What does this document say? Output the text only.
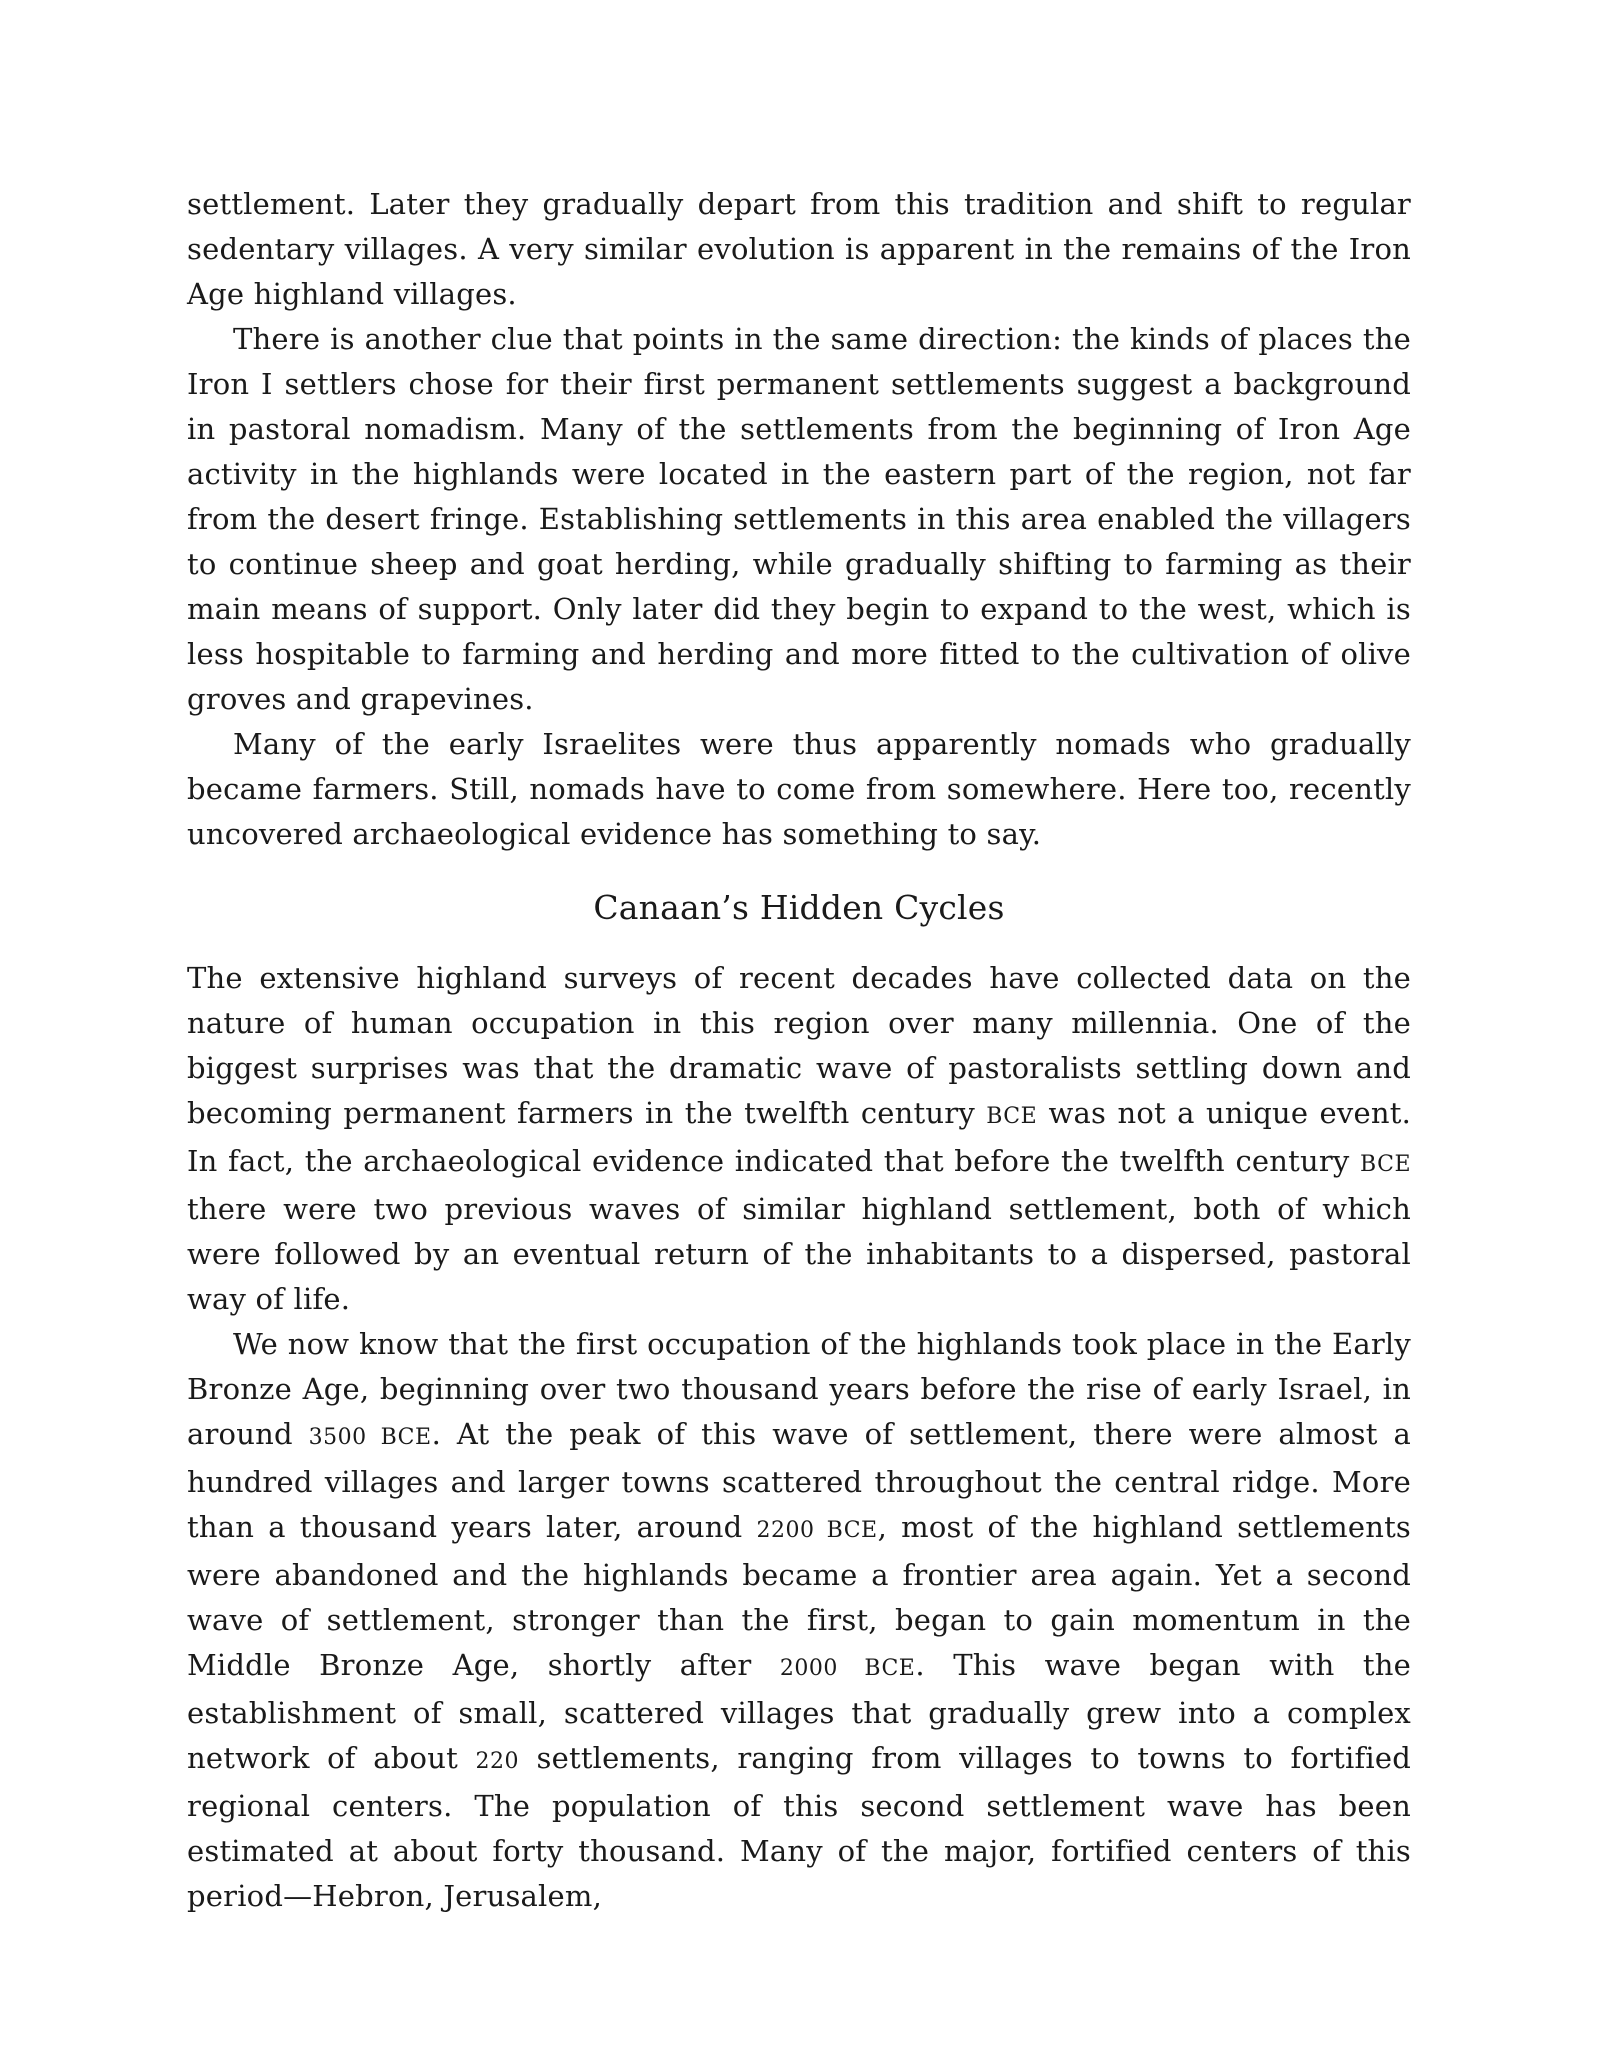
settlement. Later they gradually depart from this tradition and shift to regular sedentary villages. A very similar evolution is apparent in the remains of the Iron Age highland villages.

There is another clue that points in the same direction: the kinds of places the Iron I settlers chose for their first permanent settlements suggest a background in pastoral nomadism. Many of the settlements from the beginning of Iron Age activity in the highlands were located in the eastern part of the region, not far from the desert fringe. Establishing settlements in this area enabled the villagers to continue sheep and goat herding, while gradually shifting to farming as their main means of support. Only later did they begin to expand to the west, which is less hospitable to farming and herding and more fitted to the cultivation of olive groves and grapevines.

Many of the early Israelites were thus apparently nomads who gradually became farmers. Still, nomads have to come from somewhere. Here too, recently uncovered archaeological evidence has something to say.

Canaan’s Hidden Cycles

The extensive highland surveys of recent decades have collected data on the nature of human occupation in this region over many millennia. One of the biggest surprises was that the dramatic wave of pastoralists settling down and becoming permanent farmers in the twelfth century BCE was not a unique event. In fact, the archaeological evidence indicated that before the twelfth century BCE there were two previous waves of similar highland settlement, both of which were followed by an eventual return of the inhabitants to a dispersed, pastoral way of life.

We now know that the first occupation of the highlands took place in the Early Bronze Age, beginning over two thousand years before the rise of early Israel, in around 3500 BCE. At the peak of this wave of settlement, there were almost a hundred villages and larger towns scattered throughout the central ridge. More than a thousand years later, around 2200 BCE, most of the highland settlements were abandoned and the highlands became a frontier area again. Yet a second wave of settlement, stronger than the first, began to gain momentum in the Middle Bronze Age, shortly after 2000 BCE. This wave began with the establishment of small, scattered villages that gradually grew into a complex network of about 220 settlements, ranging from villages to towns to fortified regional centers. The population of this second settlement wave has been estimated at about forty thousand. Many of the major, fortified centers of this period—Hebron, Jerusalem,
